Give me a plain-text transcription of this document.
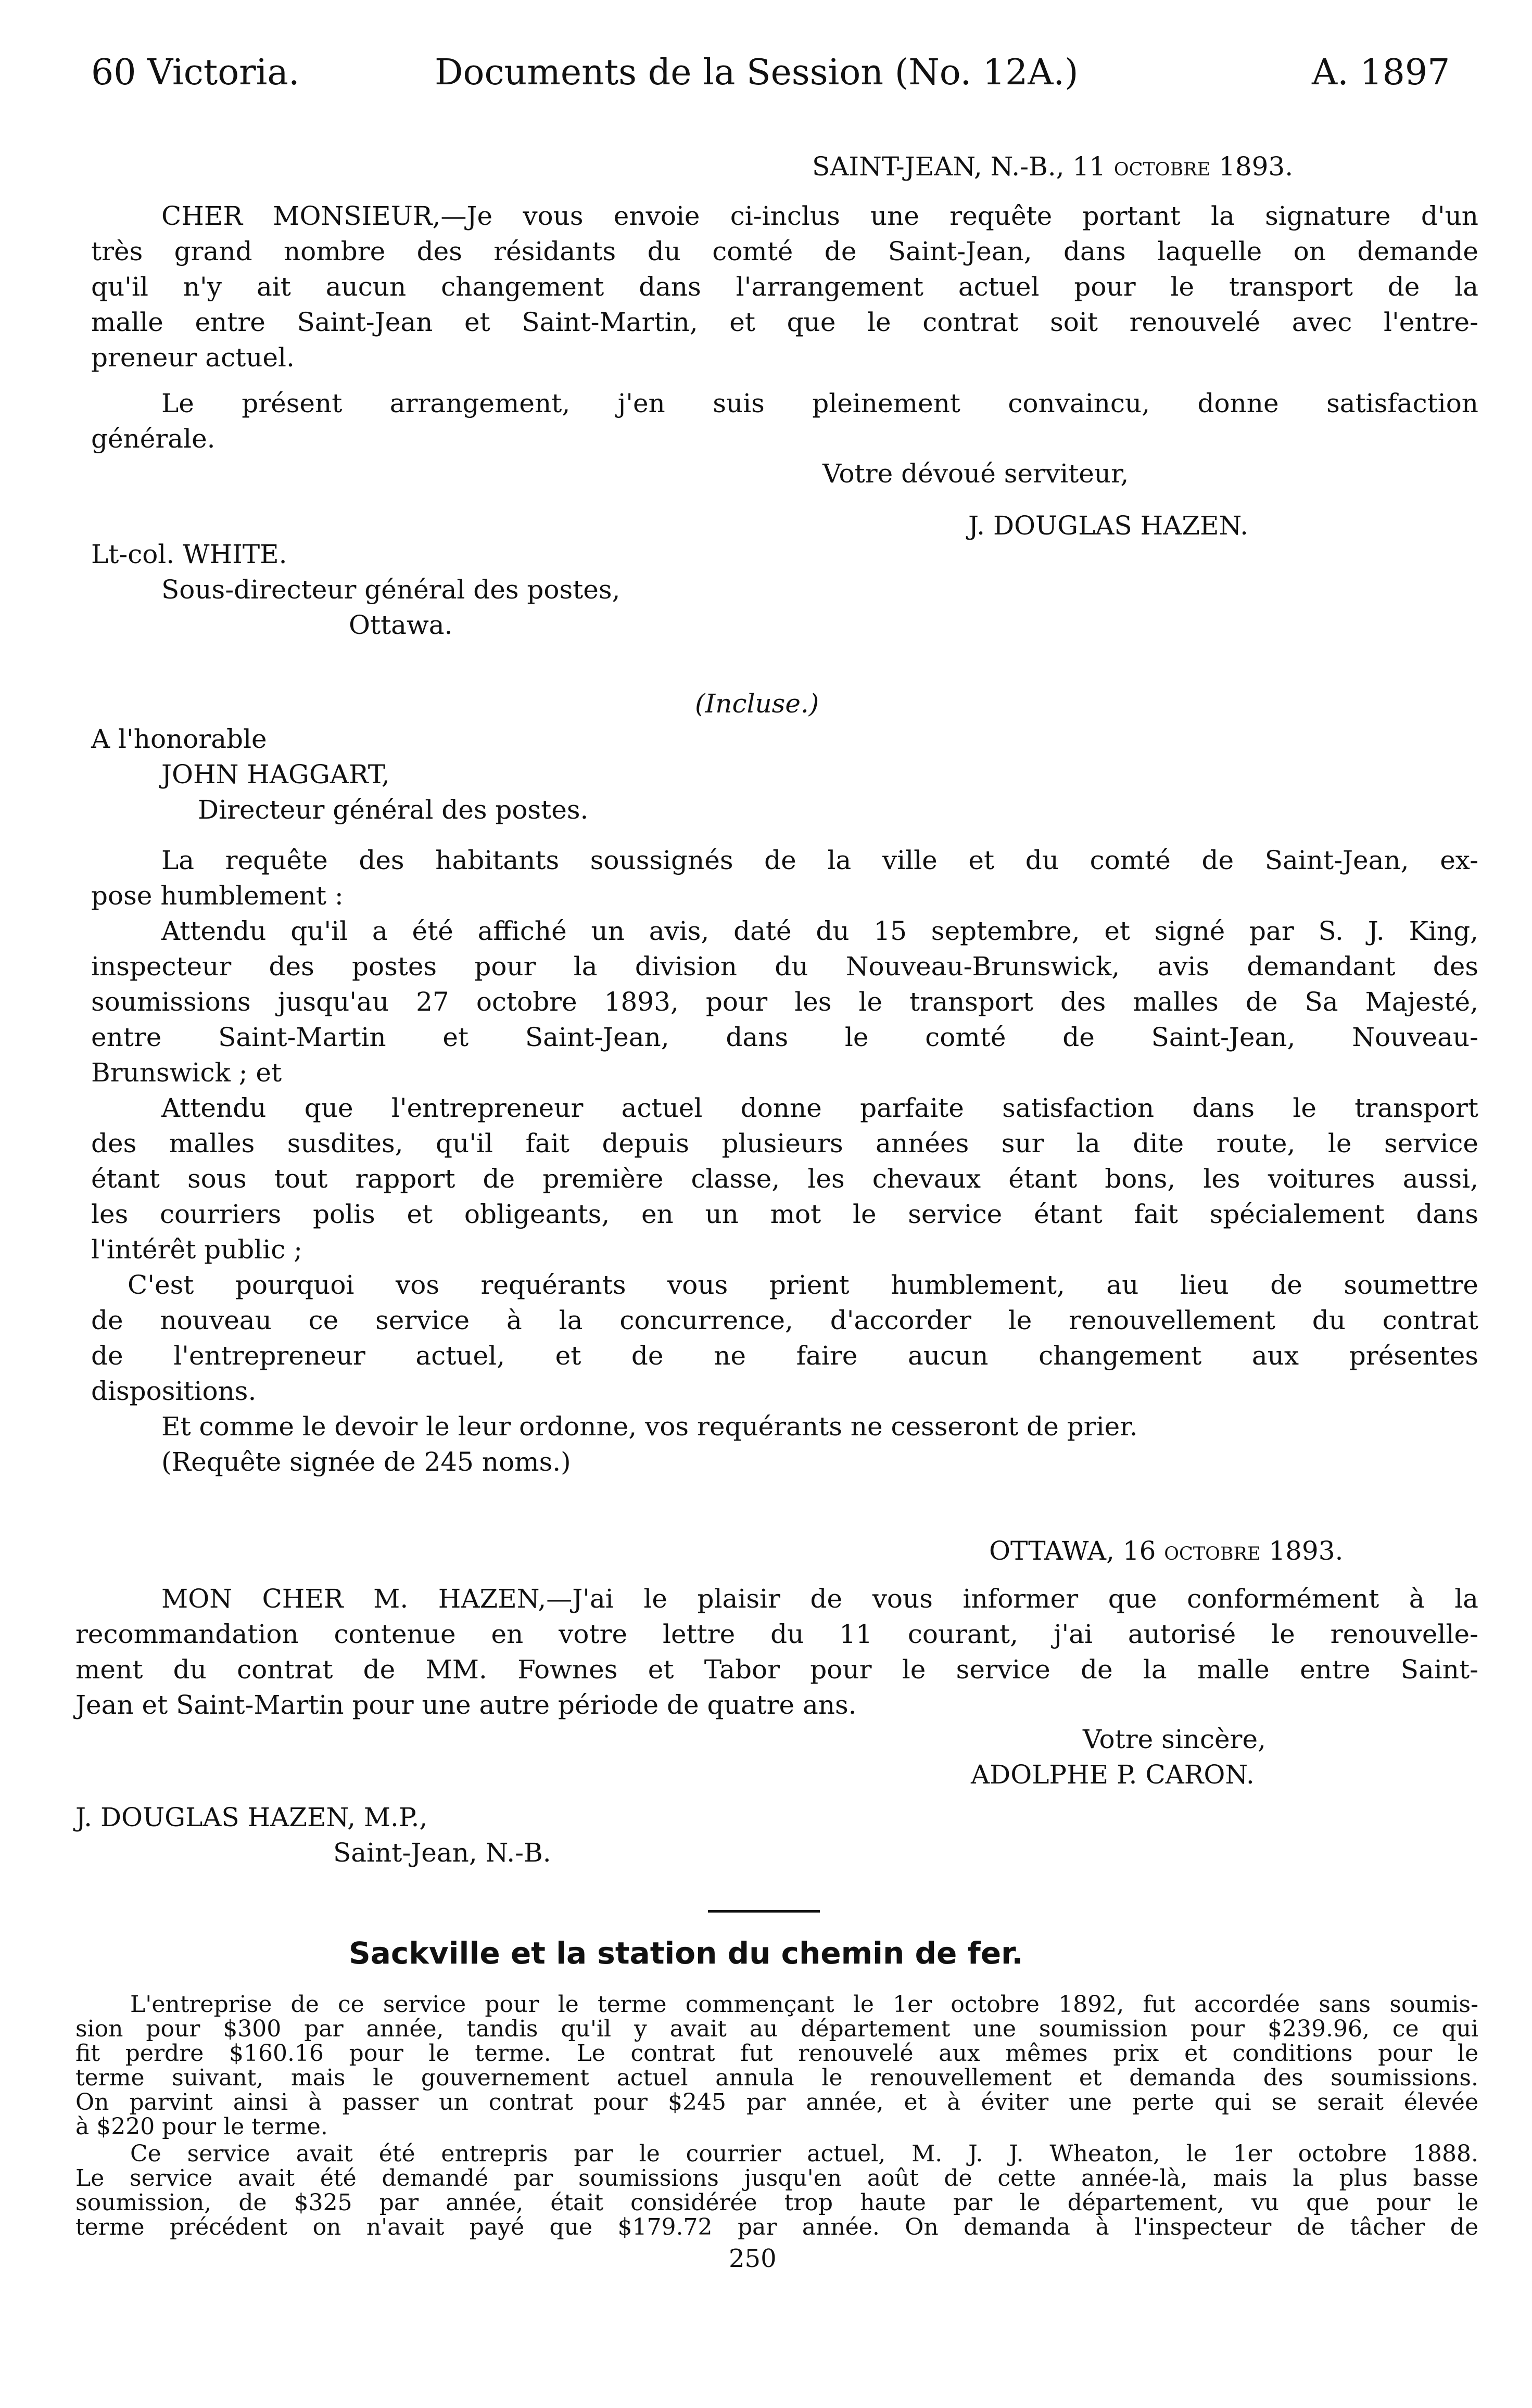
60 Victoria.	Documents de la Session (No. 12A.)	A. 1897
SAINT-JEAN, N.-B., 11 octobre 1893.
CHER MONSIEUR,—Je vous envoie ci-inclus une requête portant la signature d'un
très grand nombre des résidants du comté de Saint-Jean, dans laquelle on demande
qu'il n'y ait aucun changement dans l'arrangement actuel pour le transport de la
malle entre Saint-Jean et Saint-Martin, et que le contrat soit renouvelé avec l'entre-
preneur actuel.
Le présent arrangement, j'en suis pleinement convaincu, donne satisfaction
générale.
Votre dévoué serviteur,
J. DOUGLAS HAZEN.
Lt-col. WHITE.
Sous-directeur général des postes,
Ottawa.
(Incluse.)
A l'honorable
JOHN HAGGART,
Directeur général des postes.
La requête des habitants soussignés de la ville et du comté de Saint-Jean, ex-
pose humblement :
Attendu qu'il a été affiché un avis, daté du 15 septembre, et signé par S. J. King,
inspecteur des postes pour la division du Nouveau-Brunswick, avis demandant des
soumissions jusqu'au 27 octobre 1893, pour les le transport des malles de Sa Majesté,
entre Saint-Martin et Saint-Jean, dans le comté de Saint-Jean, Nouveau-
Brunswick ; et
Attendu que l'entrepreneur actuel donne parfaite satisfaction dans le transport
des malles susdites, qu'il fait depuis plusieurs années sur la dite route, le service
étant sous tout rapport de première classe, les chevaux étant bons, les voitures aussi,
les courriers polis et obligeants, en un mot le service étant fait spécialement dans
l'intérêt public ;
C'est pourquoi vos requérants vous prient humblement, au lieu de soumettre
de nouveau ce service à la concurrence, d'accorder le renouvellement du contrat
de l'entrepreneur actuel, et de ne faire aucun changement aux présentes
dispositions.
Et comme le devoir le leur ordonne, vos requérants ne cesseront de prier.
(Requête signée de 245 noms.)
OTTAWA, 16 octobre 1893.
MON CHER M. HAZEN,—J'ai le plaisir de vous informer que conformément à la
recommandation contenue en votre lettre du 11 courant, j'ai autorisé le renouvelle-
ment du contrat de MM. Fownes et Tabor pour le service de la malle entre Saint-
Jean et Saint-Martin pour une autre période de quatre ans.
Votre sincère,
ADOLPHE P. CARON.
J. DOUGLAS HAZEN, M.P.,
Saint-Jean, N.-B.
Sackville et la station du chemin de fer.
L'entreprise de ce service pour le terme commençant le 1er octobre 1892, fut accordée sans soumis-
sion pour $300 par année, tandis qu'il y avait au département une soumission pour $239.96, ce qui
fit perdre $160.16 pour le terme. Le contrat fut renouvelé aux mêmes prix et conditions pour le
terme suivant, mais le gouvernement actuel annula le renouvellement et demanda des soumissions.
On parvint ainsi à passer un contrat pour $245 par année, et à éviter une perte qui se serait élevée
à $220 pour le terme.
Ce service avait été entrepris par le courrier actuel, M. J. J. Wheaton, le 1er octobre 1888.
Le service avait été demandé par soumissions jusqu'en août de cette année-là, mais la plus basse
soumission, de $325 par année, était considérée trop haute par le département, vu que pour le
terme précédent on n'avait payé que $179.72 par année. On demanda à l'inspecteur de tâcher de
250
